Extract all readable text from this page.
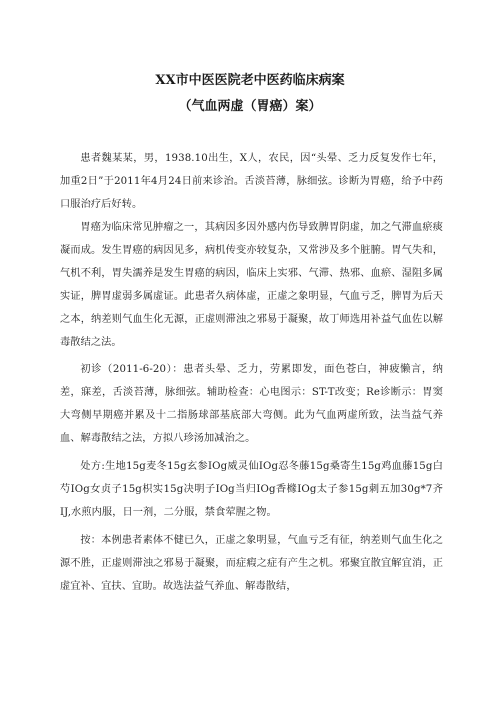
XX市中医医院老中医药临床病案
（气血两虚（胃癌）案）

患者魏某某，男，1938.10出生，X人，农民，因“头晕、乏力反复发作七年，加重2日”于2011年4月24日前来诊治。舌淡苔薄，脉细弦。诊断为胃癌，给予中药口服治疗后好转。

胃癌为临床常见肿瘤之一，其病因多因外感内伤导致脾胃阴虚，加之气滞血瘀痰凝而成。发生胃癌的病因见多，病机传变亦较复杂，又常涉及多个脏腑。胃气失和，气机不利，胃失濡养是发生胃癌的病因，临床上实邪、气滞、热邪、血瘀、湿阻多属实证，脾胃虚弱多属虚证。此患者久病体虚，正虚之象明显，气血亏乏，脾胃为后天之本，纳差则气血生化无源，正虚则滞浊之邪易于凝聚，故丁师选用补益气血佐以解毒散结之法。

初诊（2011-6-20）：患者头晕、乏力，劳累即发，面色苍白，神疲懒言，纳差，寐差，舌淡苔薄，脉细弦。辅助检查：心电图示：ST-T改变；Re诊断示：胃窦大弯侧早期癌并累及十二指肠球部基底部大弯侧。此为气血两虚所致，法当益气养血、解毒散结之法，方拟八珍汤加减治之。

处方:生地15g麦冬15g玄参IOg威灵仙IOg忍冬藤15g桑寄生15g鸡血藤15g白芍IOg女贞子15g枳实15g决明子IOg当归IOg香橼IOg太子参15g刺五加30g*7齐IJ,水煎内服，日一剂，二分服，禁食荤腥之物。

按：本例患者素体不健已久，正虚之象明显，气血亏乏有征，纳差则气血生化之源不胜，正虚则滞浊之邪易于凝聚，而症瘕之症有产生之机。邪聚宜散宜解宜消，正虚宜补、宜扶、宜助。故选法益气养血、解毒散结，
